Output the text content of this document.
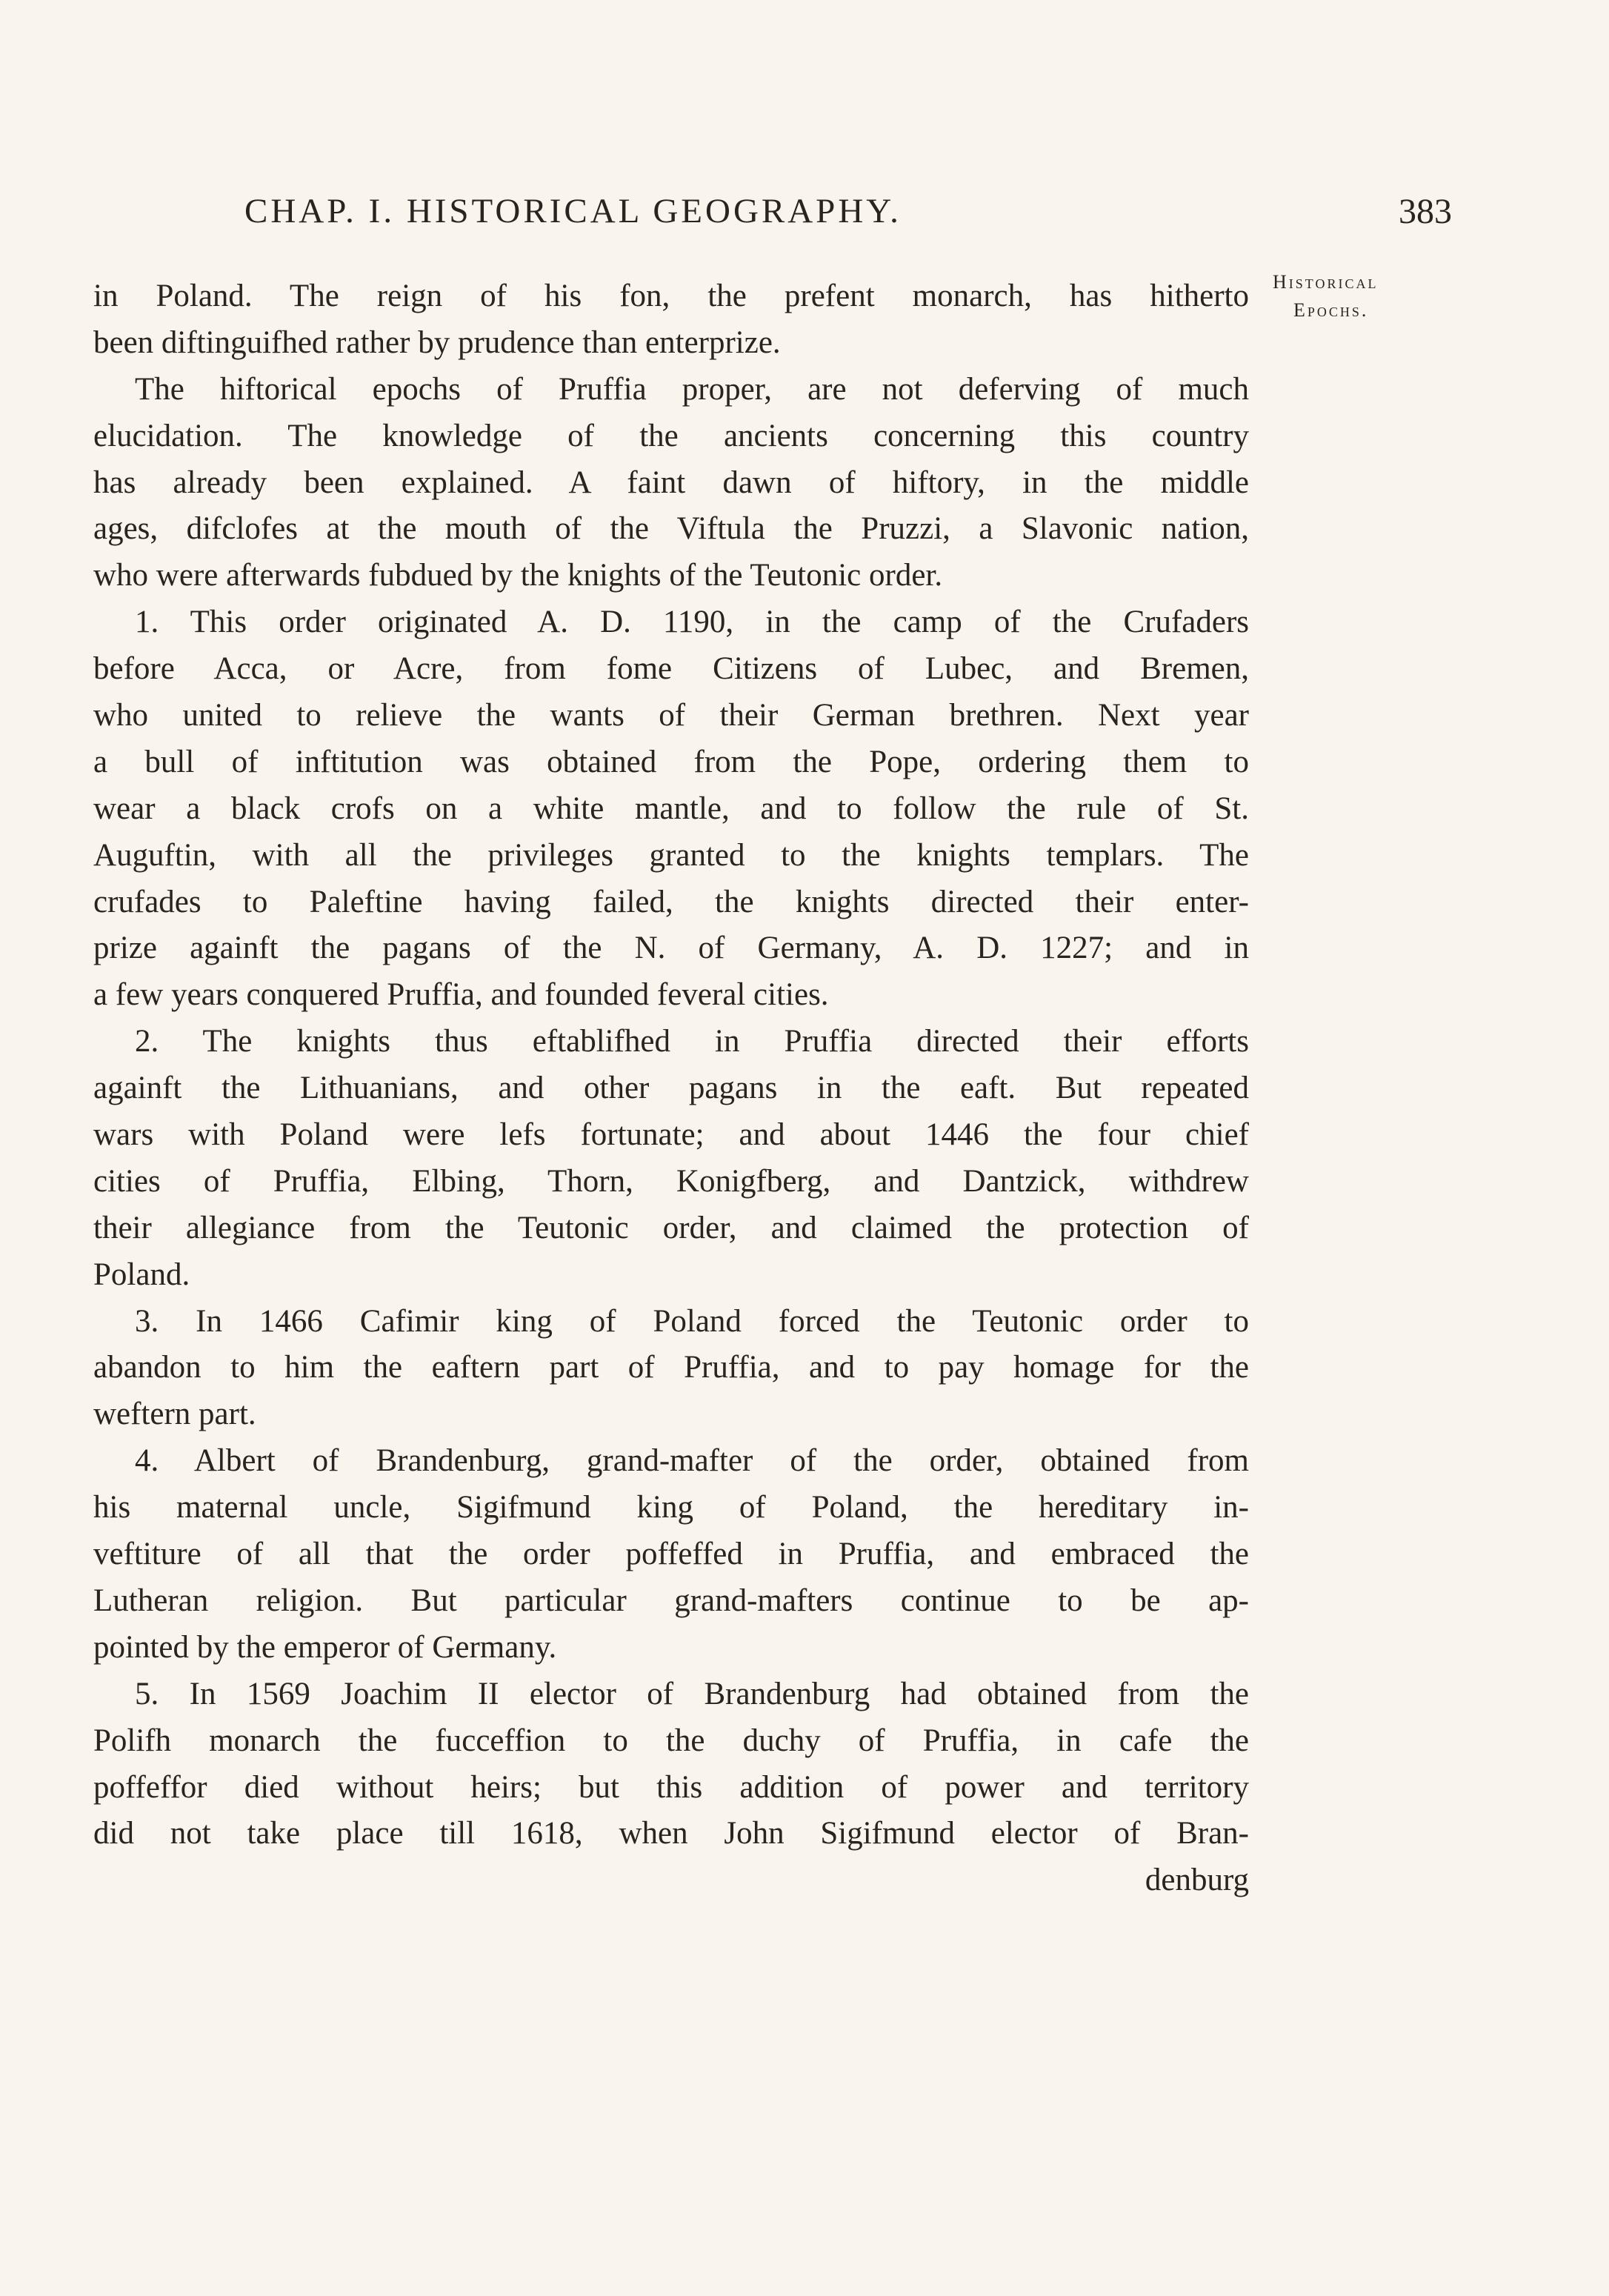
CHAP. I. HISTORICAL GEOGRAPHY.	383
Historical
Epochs.
in Poland. The reign of his fon, the prefent monarch, has hitherto
been diftinguifhed rather by prudence than enterprize.
The hiftorical epochs of Pruffia proper, are not deferving of much
elucidation. The knowledge of the ancients concerning this country
has already been explained. A faint dawn of hiftory, in the middle
ages, difclofes at the mouth of the Viftula the Pruzzi, a Slavonic nation,
who were afterwards fubdued by the knights of the Teutonic order.
1. This order originated A. D. 1190, in the camp of the Crufaders
before Acca, or Acre, from fome Citizens of Lubec, and Bremen,
who united to relieve the wants of their German brethren. Next year
a bull of inftitution was obtained from the Pope, ordering them to
wear a black crofs on a white mantle, and to follow the rule of St.
Auguftin, with all the privileges granted to the knights templars. The
crufades to Paleftine having failed, the knights directed their enter-
prize againft the pagans of the N. of Germany, A. D. 1227; and in
a few years conquered Pruffia, and founded feveral cities.
2. The knights thus eftablifhed in Pruffia directed their efforts
againft the Lithuanians, and other pagans in the eaft. But repeated
wars with Poland were lefs fortunate; and about 1446 the four chief
cities of Pruffia, Elbing, Thorn, Konigfberg, and Dantzick, withdrew
their allegiance from the Teutonic order, and claimed the protection of
Poland.
3. In 1466 Cafimir king of Poland forced the Teutonic order to
abandon to him the eaftern part of Pruffia, and to pay homage for the
weftern part.
4. Albert of Brandenburg, grand-mafter of the order, obtained from
his maternal uncle, Sigifmund king of Poland, the hereditary in-
veftiture of all that the order poffeffed in Pruffia, and embraced the
Lutheran religion. But particular grand-mafters continue to be ap-
pointed by the emperor of Germany.
5. In 1569 Joachim II elector of Brandenburg had obtained from the
Polifh monarch the fucceffion to the duchy of Pruffia, in cafe the
poffeffor died without heirs; but this addition of power and territory
did not take place till 1618, when John Sigifmund elector of Bran-
denburg
